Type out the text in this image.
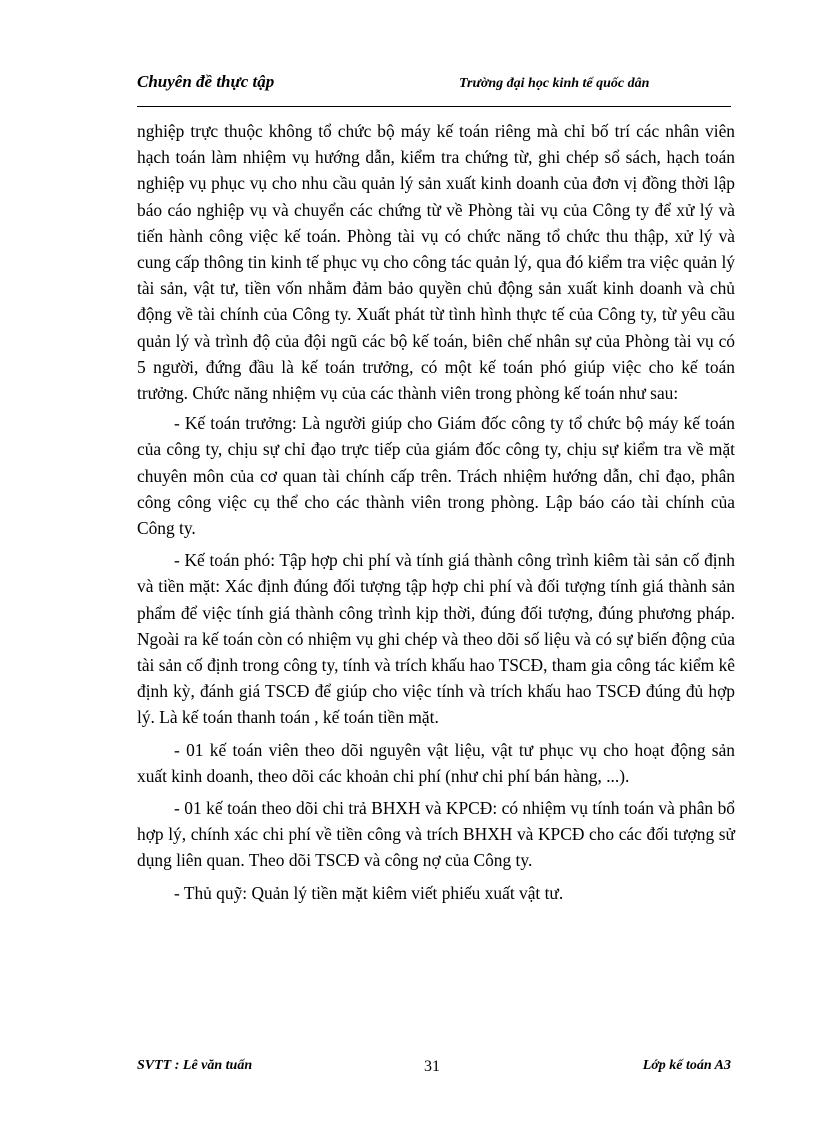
Chuyên đề thực tập	Trường đại học kinh tế quốc dân

nghiệp trực thuộc không tổ chức bộ máy kế toán riêng mà chỉ bố trí các nhân viên hạch toán làm nhiệm vụ hướng dẫn, kiểm tra chứng từ, ghi chép sổ sách, hạch toán nghiệp vụ phục vụ cho nhu cầu quản lý sản xuất kinh doanh của đơn vị đồng thời lập báo cáo nghiệp vụ và chuyển các chứng từ về Phòng tài vụ của Công ty để xử lý và tiến hành công việc kế toán. Phòng tài vụ có chức năng tổ chức thu thập, xử lý và cung cấp thông tin kinh tế phục vụ cho công tác quản lý, qua đó kiểm tra việc quản lý tài sản, vật tư, tiền vốn nhằm đảm bảo quyền chủ động sản xuất kinh doanh và chủ động về tài chính của Công ty. Xuất phát từ tình hình thực tế của Công ty, từ yêu cầu quản lý và trình độ của đội ngũ các bộ kế toán, biên chế nhân sự của Phòng tài vụ có 5 người, đứng đầu là kế toán trưởng, có một kế toán phó giúp việc cho kế toán trưởng. Chức năng nhiệm vụ của các thành viên trong phòng kế toán như sau:

- Kế toán trưởng: Là người giúp cho Giám đốc công ty tổ chức bộ máy kế toán của công ty, chịu sự chỉ đạo trực tiếp của giám đốc công ty, chịu sự kiểm tra về mặt chuyên môn của cơ quan tài chính cấp trên. Trách nhiệm hướng dẫn, chỉ đạo, phân công công việc cụ thể cho các thành viên trong phòng. Lập báo cáo tài chính của Công ty.

- Kế toán phó: Tập hợp chi phí và tính giá thành công trình kiêm tài sản cố định và tiền mặt: Xác định đúng đối tượng tập hợp chi phí và đối tượng tính giá thành sản phẩm để việc tính giá thành công trình kịp thời, đúng đối tượng, đúng phương pháp. Ngoài ra kế toán còn có nhiệm vụ ghi chép và theo dõi số liệu và có sự biến động của tài sản cố định trong công ty, tính và trích khấu hao TSCĐ, tham gia công tác kiểm kê định kỳ, đánh giá TSCĐ để giúp cho việc tính và trích khấu hao TSCĐ đúng đủ hợp lý. Là kế toán thanh toán , kế toán tiền mặt.

- 01 kế toán viên theo dõi nguyên vật liệu, vật tư phục vụ cho hoạt động sản xuất kinh doanh, theo dõi các khoản chi phí (như chi phí bán hàng, ...).

- 01 kế toán theo dõi chi trả BHXH và KPCĐ: có nhiệm vụ tính toán và phân bổ hợp lý, chính xác chi phí về tiền công và trích BHXH và KPCĐ cho các đối tượng sử dụng liên quan. Theo dõi TSCĐ và công nợ của Công ty.

- Thủ quỹ: Quản lý tiền mặt kiêm viết phiếu xuất vật tư.

SVTT : Lê văn tuấn	31	Lớp kế toán A3
